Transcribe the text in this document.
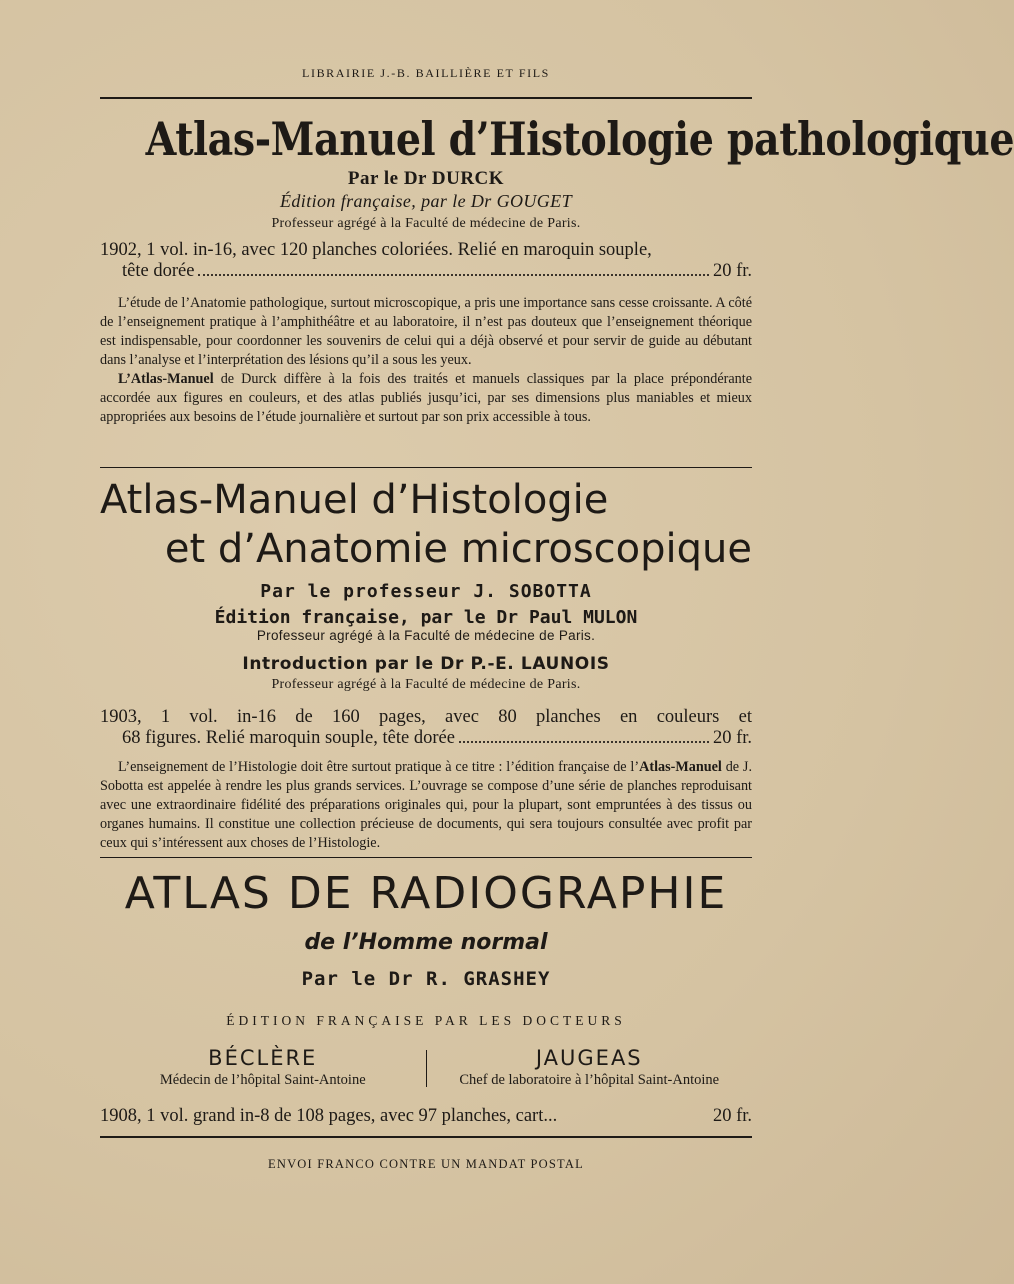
LIBRAIRIE J.-B. BAILLIÈRE ET FILS
Atlas-Manuel d’Histologie pathologique
Par le Dr DURCK
Édition française, par le Dr GOUGET
Professeur agrégé à la Faculté de médecine de Paris.
1902, 1 vol. in-16, avec 120 planches coloriées. Relié en maroquin souple,
tête dorée	20 fr.

L’étude de l’Anatomie pathologique, surtout microscopique, a pris une importance sans cesse croissante. A côté de l’enseignement pratique à l’amphithéâtre et au laboratoire, il n’est pas douteux que l’enseignement théorique est indispensable, pour coordonner les souvenirs de celui qui a déjà observé et pour servir de guide au débutant dans l’analyse et l’interprétation des lésions qu’il a sous les yeux.

L’Atlas-Manuel de Durck diffère à la fois des traités et manuels classiques par la place prépondérante accordée aux figures en couleurs, et des atlas publiés jusqu’ici, par ses dimensions plus maniables et mieux appropriées aux besoins de l’étude journalière et surtout par son prix accessible à tous.

Atlas-Manuel d’Histologie
et d’Anatomie microscopique
Par le professeur J. SOBOTTA
Édition française, par le Dr Paul MULON
Professeur agrégé à la Faculté de médecine de Paris.
Introduction par le Dr P.-E. LAUNOIS
Professeur agrégé à la Faculté de médecine de Paris.
1903, 1 vol. in-16 de 160 pages, avec 80 planches en couleurs et
68 figures. Relié maroquin souple, tête dorée	20 fr.

L’enseignement de l’Histologie doit être surtout pratique à ce titre : l’édition française de l’Atlas-Manuel de J. Sobotta est appelée à rendre les plus grands services. L’ouvrage se compose d’une série de planches reproduisant avec une extraordinaire fidélité des préparations originales qui, pour la plupart, sont empruntées à des tissus ou organes humains. Il constitue une collection précieuse de documents, qui sera toujours consultée avec profit par ceux qui s’intéressent aux choses de l’Histologie.

ATLAS DE RADIOGRAPHIE
de l’Homme normal
Par le Dr R. GRASHEY
ÉDITION FRANÇAISE PAR LES DOCTEURS
BÉCLÈRE
Médecin de l’hôpital Saint-Antoine
JAUGEAS
Chef de laboratoire à l’hôpital Saint-Antoine
1908, 1 vol. grand in-8 de 108 pages, avec 97 planches, cart...	20 fr.
ENVOI FRANCO CONTRE UN MANDAT POSTAL
